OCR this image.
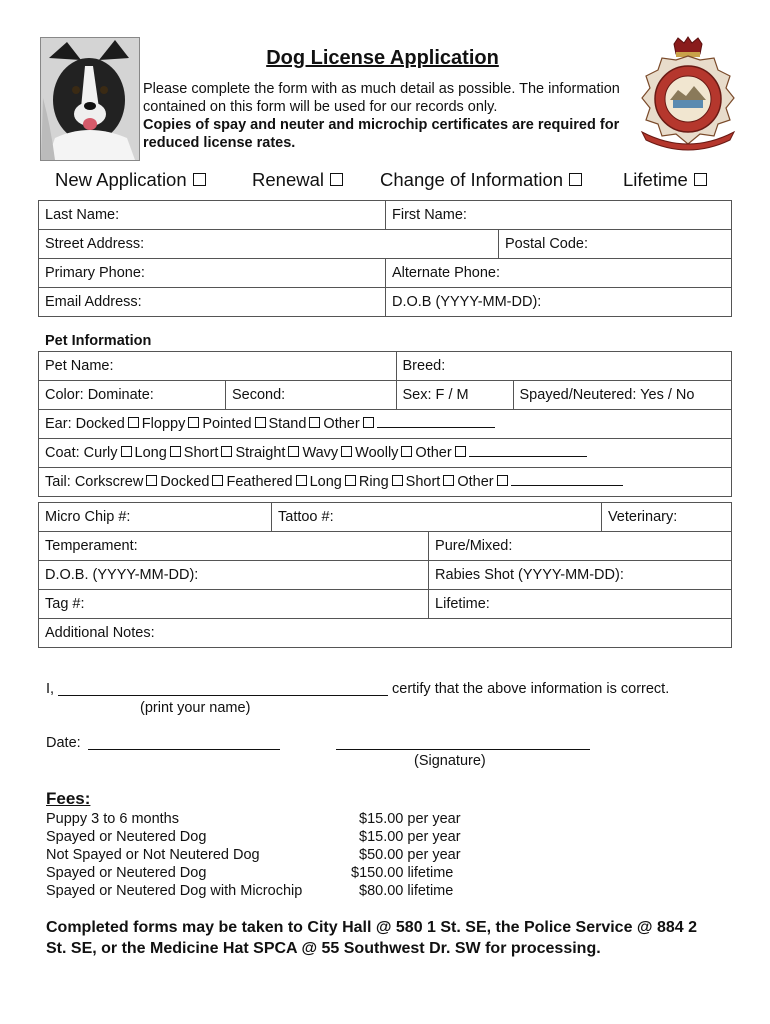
Dog License Application
Please complete the form with as much detail as possible. The information
contained on this form will be used for our records only.
Copies of spay and neuter and microchip certificates are required for
reduced license rates.
New Application	Renewal	Change of Information	Lifetime
Last Name:	First Name:	
Street Address:		Postal Code:
Primary Phone:	Alternate Phone:	
Email Address:	D.O.B (YYYY-MM-DD):	
Pet Information
Pet Name:		Breed:	
Color: Dominate:	Second:	Sex: F / M	Spayed/Neutered: Yes / No
Ear: Docked Floppy Pointed Stand Other			
Coat: Curly Long Short Straight Wavy Woolly Other			
Tail: Corkscrew Docked Feathered Long Ring Short Other			
Micro Chip #:	Tattoo #:		Veterinary:
Temperament:		Pure/Mixed:	
D.O.B. (YYYY-MM-DD):		Rabies Shot (YYYY-MM-DD):	
Tag #:		Lifetime:	
Additional Notes:			
I,	certify that the above information is correct.
(print your name)
Date:
(Signature)
Fees:
Puppy 3 to 6 months	$15.00 per year
Spayed or Neutered Dog	$15.00 per year
Not Spayed or Not Neutered Dog	$50.00 per year
Spayed or Neutered Dog	$150.00 lifetime
Spayed or Neutered Dog with Microchip	$80.00 lifetime
Completed forms may be taken to City Hall @ 580 1 St. SE, the Police Service @ 884 2
St. SE, or the Medicine Hat SPCA @ 55 Southwest Dr. SW for processing.
